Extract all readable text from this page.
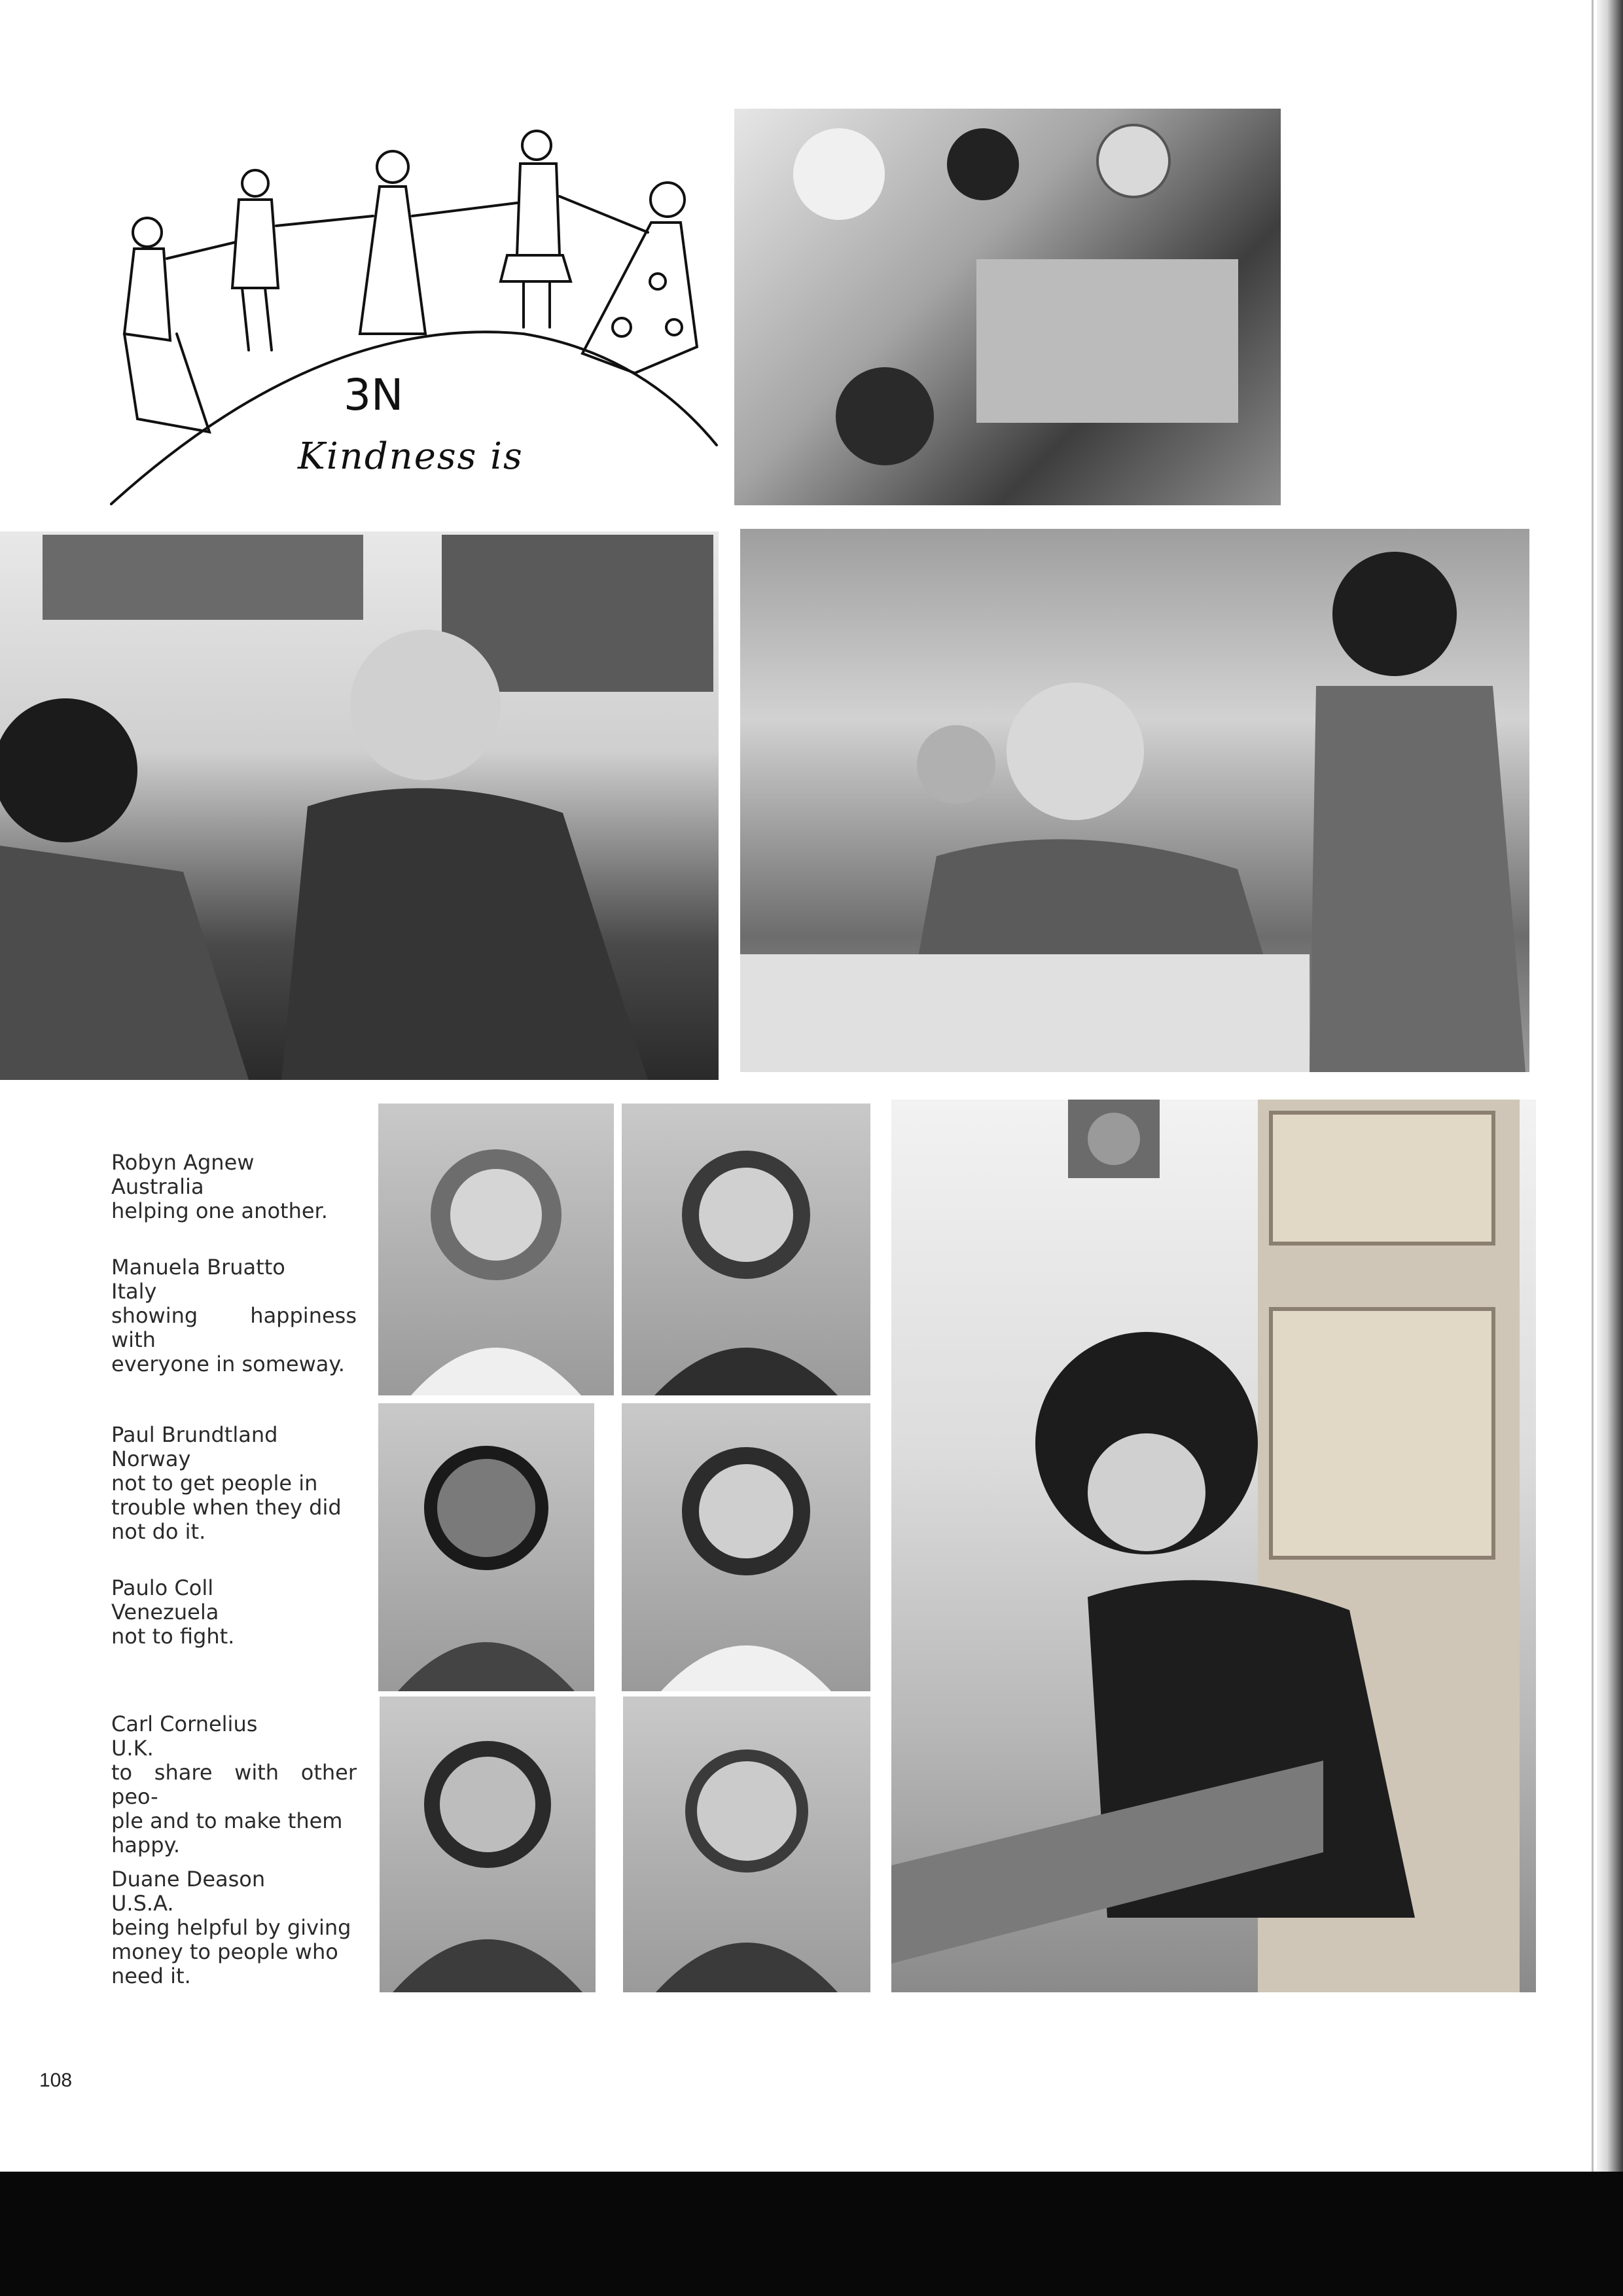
3N
Kindness is
Robyn Agnew
Australia
helping one another.
Manuela Bruatto
Italy
showing happiness with
everyone in someway.
Paul Brundtland
Norway
not to get people in
trouble when they did
not do it.
Paulo Coll
Venezuela
not to fight.
Carl Cornelius
U.K.
to share with other peo-
ple and to make them
happy.
Duane Deason
U.S.A.
being helpful by giving
money to people who
need it.
108
